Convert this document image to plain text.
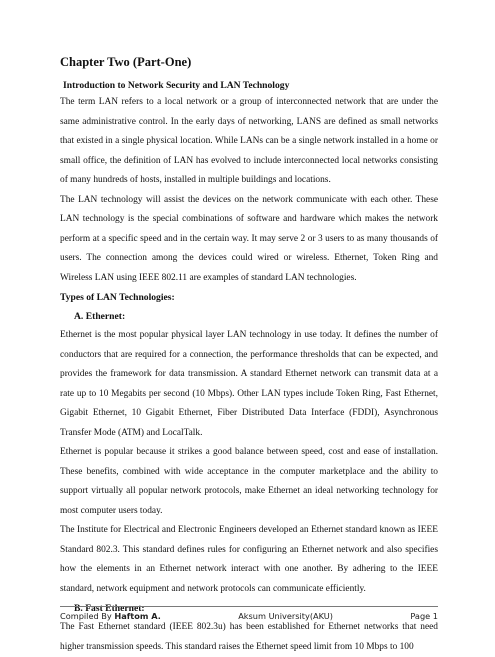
Chapter Two (Part-One)
Introduction to Network Security and LAN Technology

The term LAN refers to a local network or a group of interconnected network that are under the same administrative control. In the early days of networking, LANS are defined as small networks that existed in a single physical location. While LANs can be a single network installed in a home or small office, the definition of LAN has evolved to include interconnected local networks consisting of many hundreds of hosts, installed in multiple buildings and locations.

The LAN technology will assist the devices on the network communicate with each other. These LAN technology is the special combinations of software and hardware which makes the network perform at a specific speed and in the certain way. It may serve 2 or 3 users to as many thousands of users. The connection among the devices could wired or wireless. Ethernet, Token Ring and Wireless LAN using IEEE 802.11 are examples of standard LAN technologies.

Types of LAN Technologies:
A. Ethernet:

Ethernet is the most popular physical layer LAN technology in use today. It defines the number of conductors that are required for a connection, the performance thresholds that can be expected, and provides the framework for data transmission. A standard Ethernet network can transmit data at a rate up to 10 Megabits per second (10 Mbps). Other LAN types include Token Ring, Fast Ethernet, Gigabit Ethernet, 10 Gigabit Ethernet, Fiber Distributed Data Interface (FDDI), Asynchronous Transfer Mode (ATM) and LocalTalk.

Ethernet is popular because it strikes a good balance between speed, cost and ease of installation. These benefits, combined with wide acceptance in the computer marketplace and the ability to support virtually all popular network protocols, make Ethernet an ideal networking technology for most computer users today.

The Institute for Electrical and Electronic Engineers developed an Ethernet standard known as IEEE Standard 802.3. This standard defines rules for configuring an Ethernet network and also specifies how the elements in an Ethernet network interact with one another. By adhering to the IEEE standard, network equipment and network protocols can communicate efficiently.

B. Fast Ethernet:

The Fast Ethernet standard (IEEE 802.3u) has been established for Ethernet networks that need higher transmission speeds. This standard raises the Ethernet speed limit from 10 Mbps to 100

Compiled By Haftom A.	Aksum University(AKU)	Page 1
